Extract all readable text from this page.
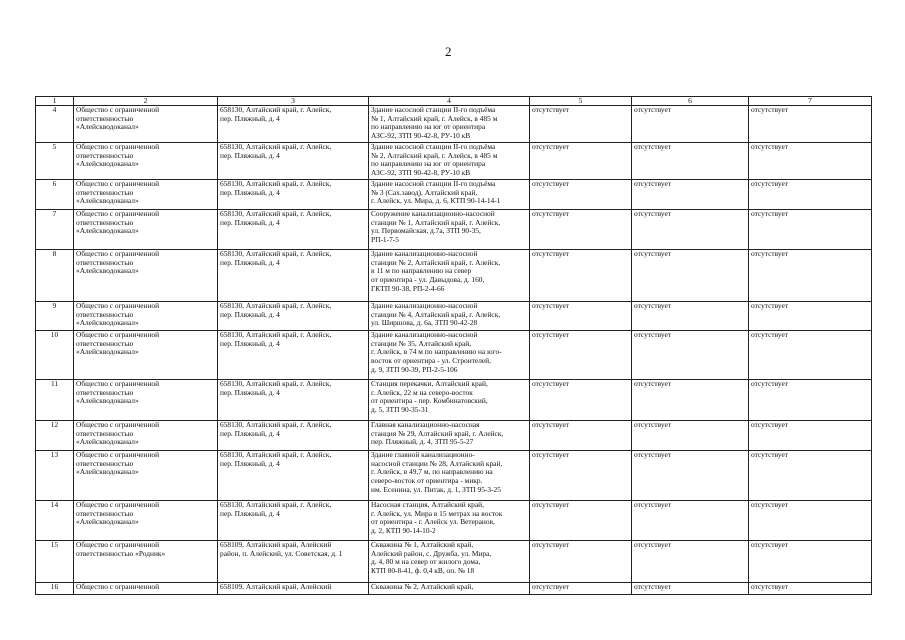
2
1	2	3	4	5	6	7
4	Общество с ограниченной
ответственностью
«Алейскводоканал»	658130, Алтайский край, г. Алейск,
пер. Пляжный, д. 4	Здание насосной станции II-го подъёма
№ 1, Алтайский край, г. Алейск, в 485 м
по направлению на юг от ориентира
АЗС-92, ЗТП 90-42-8, РУ-10 кВ	отсутствует	отсутствует	отсутствует
5	Общество с ограниченной
ответственностью
«Алейскводоканал»	658130, Алтайский край, г. Алейск,
пер. Пляжный, д. 4	Здание насосной станции II-го подъёма
№ 2, Алтайский край, г. Алейск, в 485 м
по направлению на юг от ориентира
АЗС-92, ЗТП 90-42-8, РУ-10 кВ	отсутствует	отсутствует	отсутствует
6	Общество с ограниченной
ответственностью
«Алейскводоканал»	658130, Алтайский край, г. Алейск,
пер. Пляжный, д. 4	Здание насосной станции II-го подъёма
№ 3 (Сах.завод), Алтайский край,
г. Алейск, ул. Мира, д. 6, КТП 90-14-14-1	отсутствует	отсутствует	отсутствует
7	Общество с ограниченной
ответственностью
«Алейскводоканал»	658130, Алтайский край, г. Алейск,
пер. Пляжный, д. 4	Сооружение канализационно-насосной
станции № 1, Алтайский край, г. Алейск,
ул. Первомайская, д.7а, ЗТП 90-35,
РП-1-7-5	отсутствует	отсутствует	отсутствует
8	Общество с ограниченной
ответственностью
«Алейскводоканал»	658130, Алтайский край, г. Алейск,
пер. Пляжный, д. 4	Здание канализационно-насосной
станции № 2, Алтайский край, г. Алейск,
в 11 м по направлению на север
от ориентира - ул. Давыдова, д. 160,
ГКТП 90-38, РП-2-4-66	отсутствует	отсутствует	отсутствует
9	Общество с ограниченной
ответственностью
«Алейскводоканал»	658130, Алтайский край, г. Алейск,
пер. Пляжный, д. 4	Здание канализационно-насосной
станции № 4, Алтайский край, г. Алейск,
ул. Ширшова, д. 6а, ЗТП 90-42-28	отсутствует	отсутствует	отсутствует
10	Общество с ограниченной
ответственностью
«Алейскводоканал»	658130, Алтайский край, г. Алейск,
пер. Пляжный, д. 4	Здание канализационно-насосной
станции № 35, Алтайский край,
г. Алейск, в 74 м по направлению на юго-
восток от ориентира - ул. Строителей,
д. 9, ЗТП 90-39, РП-2-5-106	отсутствует	отсутствует	отсутствует
11	Общество с ограниченной
ответственностью
«Алейскводоканал»	658130, Алтайский край, г. Алейск,
пер. Пляжный, д. 4	Станция перекачки, Алтайский край,
г. Алейск, 22 м на северо-восток
от ориентира - пер. Комбинатовский,
д. 5, ЗТП 90-35-31	отсутствует	отсутствует	отсутствует
12	Общество с ограниченной
ответственностью
«Алейскводоканал»	658130, Алтайский край, г. Алейск,
пер. Пляжный, д. 4	Главная канализационно-насосная
станция № 29, Алтайский край, г. Алейск,
пер. Пляжный, д. 4, ЗТП 95-5-27	отсутствует	отсутствует	отсутствует
13	Общество с ограниченной
ответственностью
«Алейскводоканал»	658130, Алтайский край, г. Алейск,
пер. Пляжный, д. 4	Здание главной канализационно-
насосной станции № 28, Алтайский край,
г. Алейск, в 49,7 м, по направлению на
северо-восток от ориентира - микр.
им. Есенина, ул. Питак, д. 1, ЗТП 95-3-25	отсутствует	отсутствует	отсутствует
14	Общество с ограниченной
ответственностью
«Алейскводоканал»	658130, Алтайский край, г. Алейск,
пер. Пляжный, д. 4	Насосная станция, Алтайский край,
г. Алейск, ул. Мира в 15 метрах на восток
от ориентира - г. Алейск ул. Ветеранов,
д. 2, КТП 90-14-10-2	отсутствует	отсутствует	отсутствует
15	Общество с ограниченной
ответственностью «Родник»	658109, Алтайский край, Алейский
район, п. Алейский, ул. Советская, д. 1	Скважина № 1, Алтайский край,
Алейский район, с. Дружба, ул. Мира,
д. 4, 80 м на север от жилого дома,
КТП 80-8-41, ф. 0,4 кВ, оп. № 18	отсутствует	отсутствует	отсутствует
16	Общество с ограниченной	658109, Алтайский край, Алейский	Скважина № 2, Алтайский край,	отсутствует	отсутствует	отсутствует
